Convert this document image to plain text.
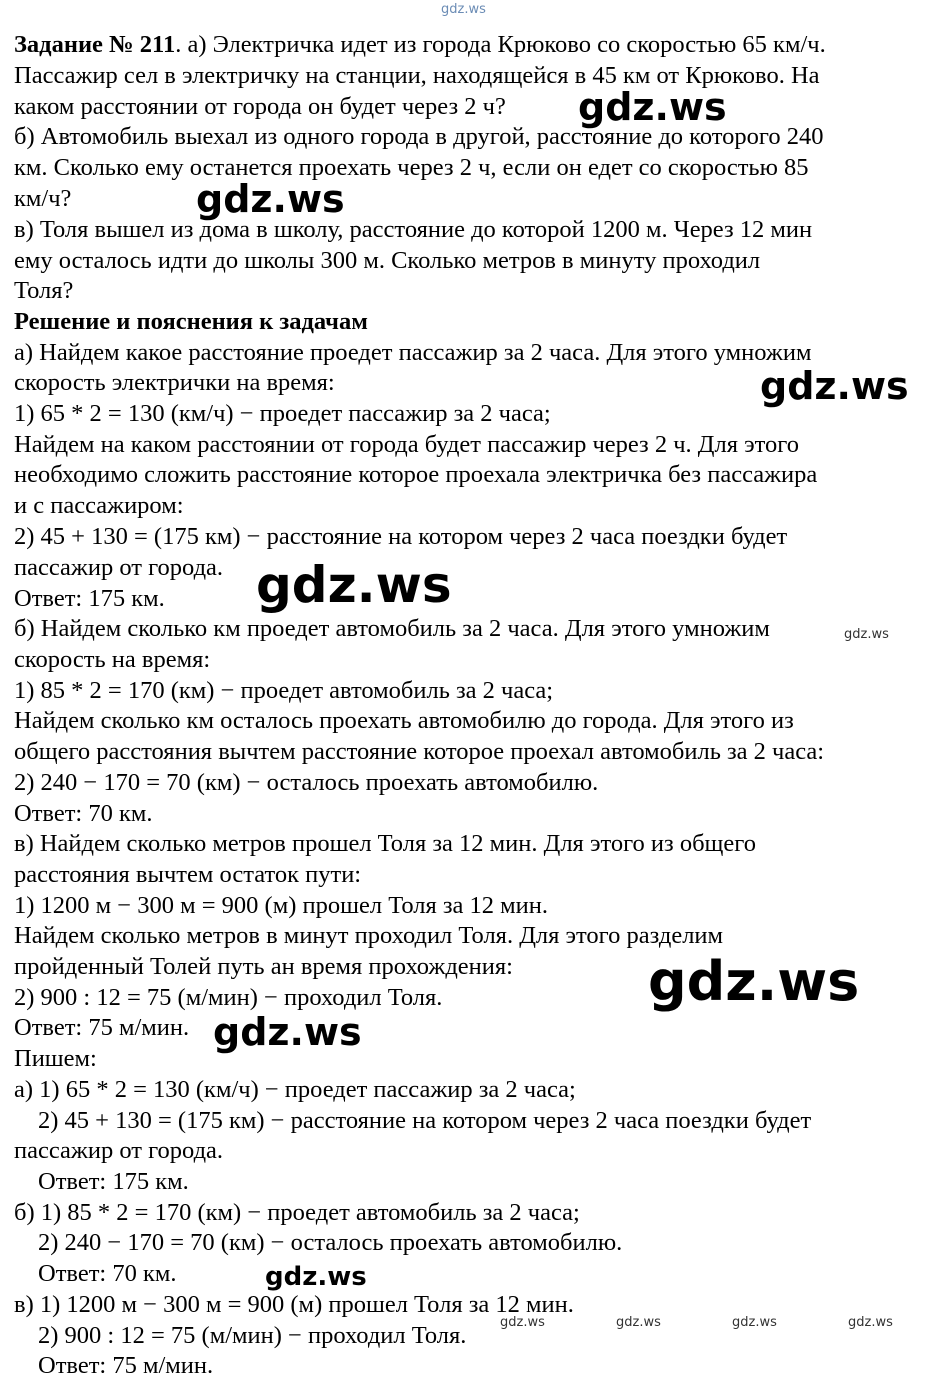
gdz.ws
Задание № 211. а) Электричка идет из города Крюково со скоростью 65 км/ч.
Пассажир сел в электричку на станции, находящейся в 45 км от Крюково. На
каком расстоянии от города он будет через 2 ч?
б) Автомобиль выехал из одного города в другой, расстояние до которого 240
км. Сколько ему останется проехать через 2 ч, если он едет со скоростью 85
км/ч?
в) Толя вышел из дома в школу, расстояние до которой 1200 м. Через 12 мин
ему осталось идти до школы 300 м. Сколько метров в минуту проходил
Толя?
Решение и пояснения к задачам
а) Найдем какое расстояние проедет пассажир за 2 часа. Для этого умножим
скорость электрички на время:
1) 65 * 2 = 130 (км/ч) − проедет пассажир за 2 часа;
Найдем на каком расстоянии от города будет пассажир через 2 ч. Для этого
необходимо сложить расстояние которое проехала электричка без пассажира
и с пассажиром:
2) 45 + 130 = (175 км) − расстояние на котором через 2 часа поездки будет
пассажир от города.
Ответ: 175 км.
б) Найдем сколько км проедет автомобиль за 2 часа. Для этого умножим
скорость на время:
1) 85 * 2 = 170 (км) − проедет автомобиль за 2 часа;
Найдем сколько км осталось проехать автомобилю до города. Для этого из
общего расстояния вычтем расстояние которое проехал автомобиль за 2 часа:
2) 240 − 170 = 70 (км) − осталось проехать автомобилю.
Ответ: 70 км.
в) Найдем сколько метров прошел Толя за 12 мин. Для этого из общего
расстояния вычтем остаток пути:
1) 1200 м − 300 м = 900 (м) прошел Толя за 12 мин.
Найдем сколько метров в минут проходил Толя. Для этого разделим
пройденный Толей путь ан время прохождения:
2) 900 : 12 = 75 (м/мин) − проходил Толя.
Ответ: 75 м/мин.
Пишем:
а) 1) 65 * 2 = 130 (км/ч) − проедет пассажир за 2 часа;
2) 45 + 130 = (175 км) − расстояние на котором через 2 часа поездки будет
пассажир от города.
Ответ: 175 км.
б) 1) 85 * 2 = 170 (км) − проедет автомобиль за 2 часа;
2) 240 − 170 = 70 (км) − осталось проехать автомобилю.
Ответ: 70 км.
в) 1) 1200 м − 300 м = 900 (м) прошел Толя за 12 мин.
2) 900 : 12 = 75 (м/мин) − проходил Толя.
Ответ: 75 м/мин.
gdz.ws
gdz.ws
gdz.ws
gdz.ws
gdz.ws
gdz.ws
gdz.ws
gdz.ws
gdz.ws	gdz.ws	gdz.ws	gdz.ws
